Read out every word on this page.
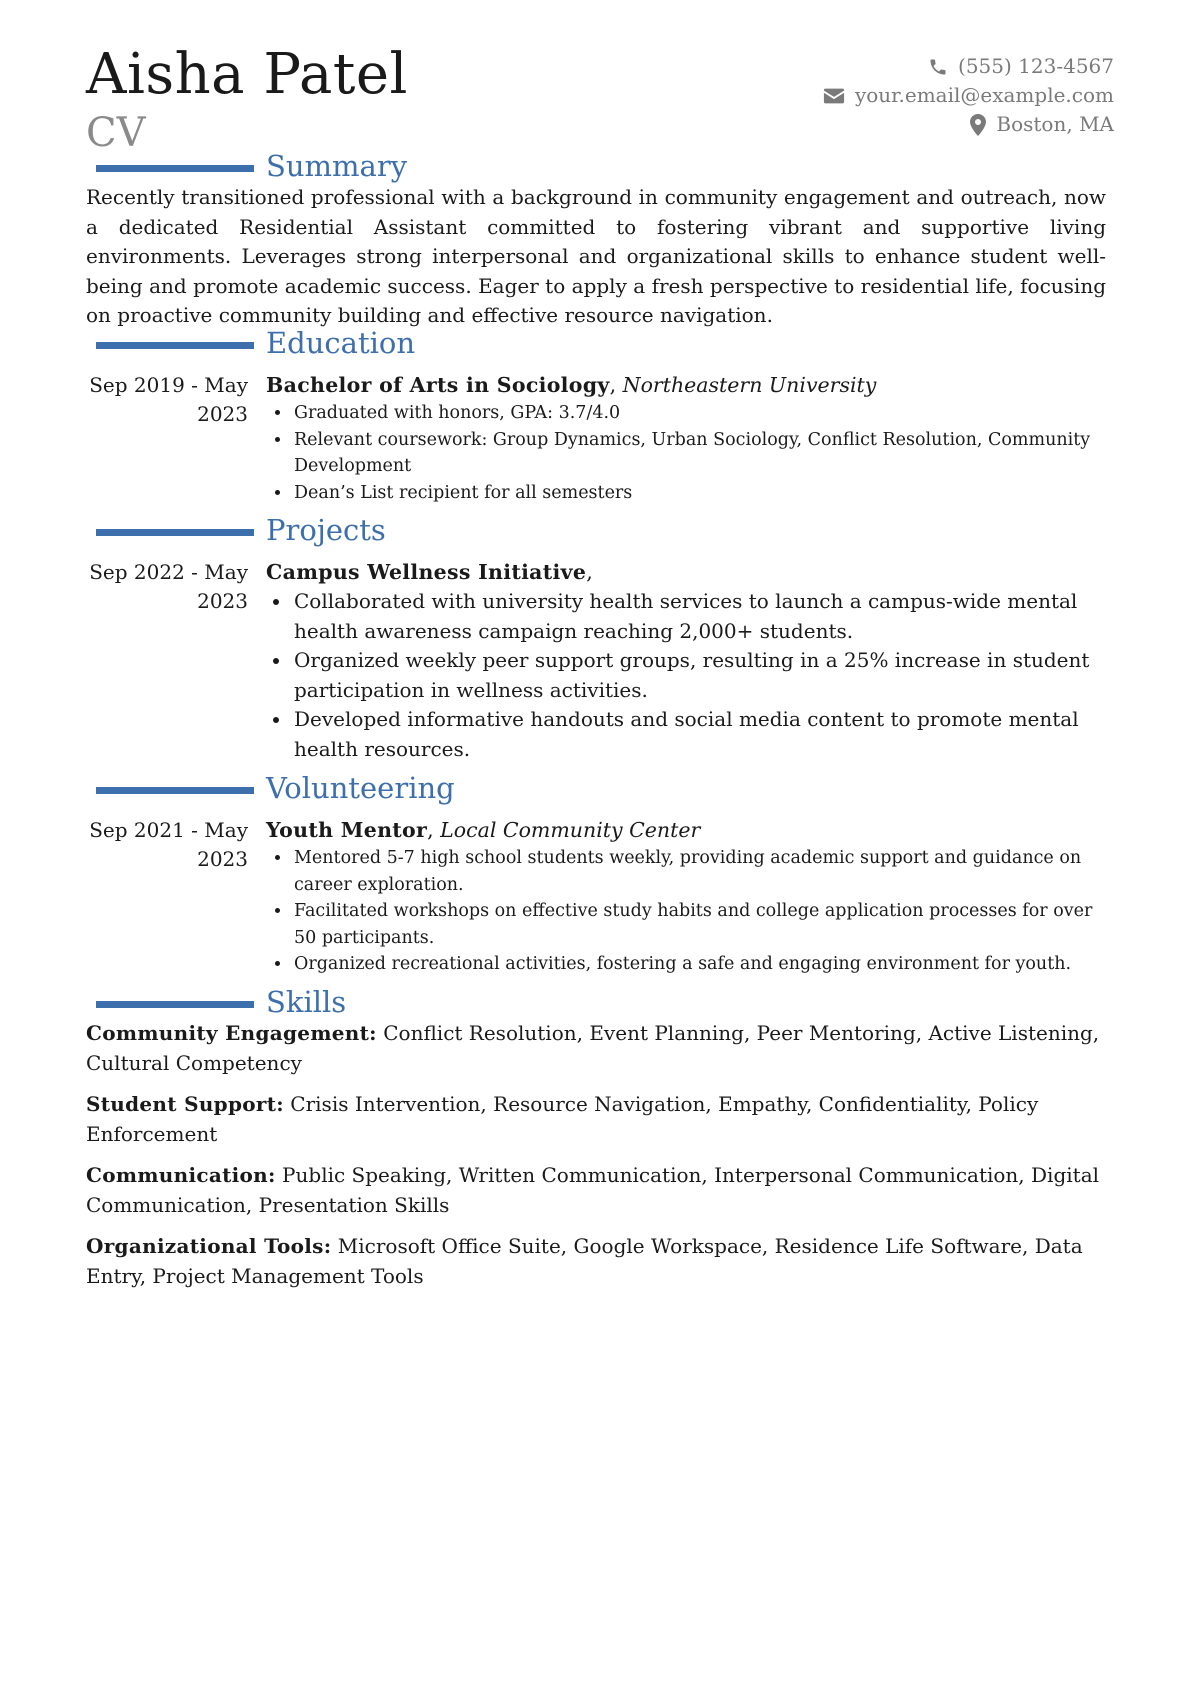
Aisha Patel
CV
(555) 123-4567
your.email@example.com
Boston, MA
Summary

Recently transitioned professional with a background in community engagement and outreach, now a dedicated Residential Assistant committed to fostering vibrant and supportive living environments. Leverages strong interpersonal and organizational skills to enhance student well-being and promote academic success. Eager to apply a fresh perspective to residential life, focusing on proactive community building and effective resource navigation.

Education
Sep 2019 - May
2023
Bachelor of Arts in Sociology, Northeastern University
• Graduated with honors, GPA: 3.7/4.0
• Relevant coursework: Group Dynamics, Urban Sociology, Conflict Resolution, Community Development
• Dean’s List recipient for all semesters
Projects
Sep 2022 - May
2023
Campus Wellness Initiative,
• Collaborated with university health services to launch a campus-wide mental health awareness campaign reaching 2,000+ students.
• Organized weekly peer support groups, resulting in a 25% increase in student participation in wellness activities.
• Developed informative handouts and social media content to promote mental health resources.
Volunteering
Sep 2021 - May
2023
Youth Mentor, Local Community Center
• Mentored 5-7 high school students weekly, providing academic support and guidance on career exploration.
• Facilitated workshops on effective study habits and college application processes for over 50 participants.
• Organized recreational activities, fostering a safe and engaging environment for youth.
Skills

Community Engagement: Conflict Resolution, Event Planning, Peer Mentoring, Active Listening, Cultural Competency

Student Support: Crisis Intervention, Resource Navigation, Empathy, Confidentiality, Policy Enforcement

Communication: Public Speaking, Written Communication, Interpersonal Communication, Digital Communication, Presentation Skills

Organizational Tools: Microsoft Office Suite, Google Workspace, Residence Life Software, Data Entry, Project Management Tools
